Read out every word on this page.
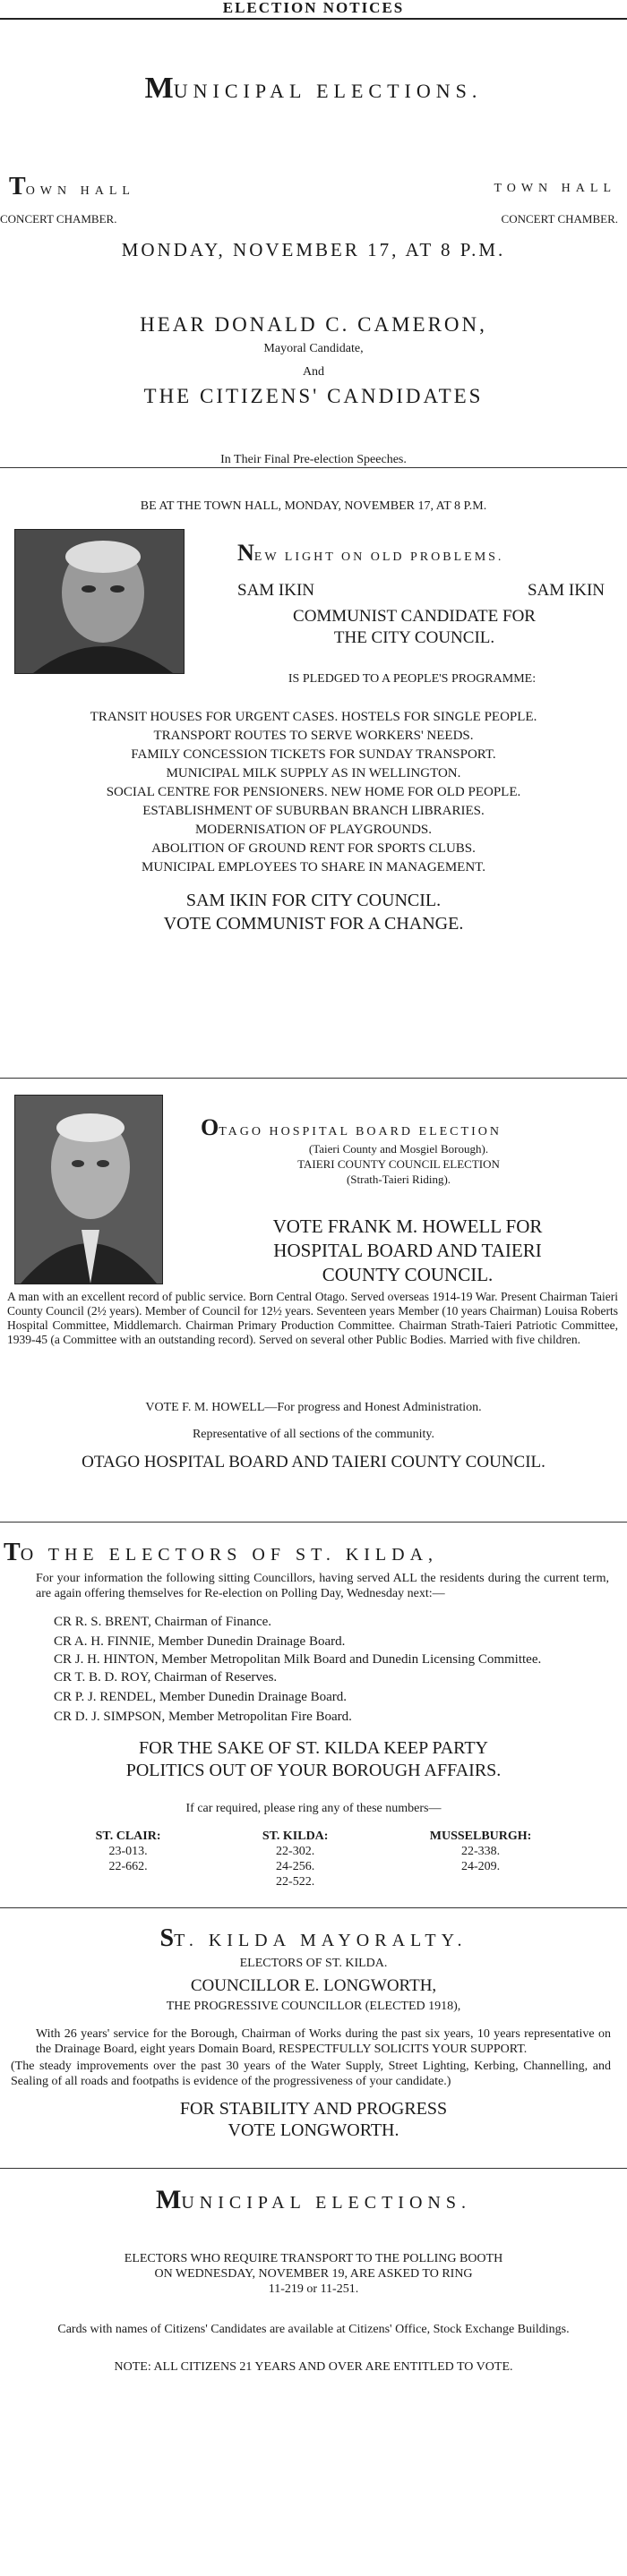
ELECTION NOTICES
MUNICIPAL ELECTIONS.
TOWN HALL	TOWN HALL
CONCERT CHAMBER.	CONCERT CHAMBER.

MONDAY, NOVEMBER 17, AT 8 P.M.

HEAR DONALD C. CAMERON,

Mayoral Candidate,

And

THE CITIZENS' CANDIDATES

In Their Final Pre-election Speeches.

BE AT THE TOWN HALL, MONDAY, NOVEMBER 17, AT 8 P.M.

NEW LIGHT ON OLD PROBLEMS.
SAM IKIN	SAM IKIN

COMMUNIST CANDIDATE FOR

THE CITY COUNCIL.

IS PLEDGED TO A PEOPLE'S PROGRAMME:

TRANSIT HOUSES FOR URGENT CASES. HOSTELS FOR SINGLE PEOPLE.

TRANSPORT ROUTES TO SERVE WORKERS' NEEDS.

FAMILY CONCESSION TICKETS FOR SUNDAY TRANSPORT.

MUNICIPAL MILK SUPPLY AS IN WELLINGTON.

SOCIAL CENTRE FOR PENSIONERS. NEW HOME FOR OLD PEOPLE.

ESTABLISHMENT OF SUBURBAN BRANCH LIBRARIES.

MODERNISATION OF PLAYGROUNDS.

ABOLITION OF GROUND RENT FOR SPORTS CLUBS.

MUNICIPAL EMPLOYEES TO SHARE IN MANAGEMENT.

SAM IKIN FOR CITY COUNCIL.

VOTE COMMUNIST FOR A CHANGE.

OTAGO HOSPITAL BOARD ELECTION

(Taieri County and Mosgiel Borough).

TAIERI COUNTY COUNCIL ELECTION

(Strath-Taieri Riding).

VOTE FRANK M. HOWELL FOR

HOSPITAL BOARD AND TAIERI

COUNTY COUNCIL.

A man with an excellent record of public service. Born Central Otago. Served overseas 1914-19 War. Present Chairman Taieri County Council (2½ years). Member of Council for 12½ years. Seventeen years Member (10 years Chairman) Louisa Roberts Hospital Committee, Middlemarch. Chairman Primary Production Committee. Chairman Strath-Taieri Patriotic Committee, 1939-45 (a Committee with an outstanding record). Served on several other Public Bodies. Married with five children.

VOTE F. M. HOWELL—For progress and Honest Administration.

Representative of all sections of the community.

OTAGO HOSPITAL BOARD AND TAIERI COUNTY COUNCIL.

TO THE ELECTORS OF ST. KILDA,

For your information the following sitting Councillors, having served ALL the residents during the current term, are again offering themselves for Re-election on Polling Day, Wednesday next:—

CR R. S. BRENT, Chairman of Finance.

CR A. H. FINNIE, Member Dunedin Drainage Board.

CR J. H. HINTON, Member Metropolitan Milk Board and Dunedin Licensing Committee.

CR T. B. D. ROY, Chairman of Reserves.

CR P. J. RENDEL, Member Dunedin Drainage Board.

CR D. J. SIMPSON, Member Metropolitan Fire Board.

FOR THE SAKE OF ST. KILDA KEEP PARTY

POLITICS OUT OF YOUR BOROUGH AFFAIRS.

If car required, please ring any of these numbers—

ST. CLAIR:

23-013.

22-662.

ST. KILDA:

22-302.

24-256.

22-522.

MUSSELBURGH:

22-338.

24-209.

ST. KILDA MAYORALTY.

ELECTORS OF ST. KILDA.

COUNCILLOR E. LONGWORTH,

THE PROGRESSIVE COUNCILLOR (ELECTED 1918),

With 26 years' service for the Borough, Chairman of Works during the past six years, 10 years representative on the Drainage Board, eight years Domain Board, RESPECTFULLY SOLICITS YOUR SUPPORT.

(The steady improvements over the past 30 years of the Water Supply, Street Lighting, Kerbing, Channelling, and Sealing of all roads and footpaths is evidence of the progressiveness of your candidate.)

FOR STABILITY AND PROGRESS

VOTE LONGWORTH.

MUNICIPAL ELECTIONS.

ELECTORS WHO REQUIRE TRANSPORT TO THE POLLING BOOTH

ON WEDNESDAY, NOVEMBER 19, ARE ASKED TO RING

11-219 or 11-251.

Cards with names of Citizens' Candidates are available at Citizens' Office, Stock Exchange Buildings.

NOTE: ALL CITIZENS 21 YEARS AND OVER ARE ENTITLED TO VOTE.
